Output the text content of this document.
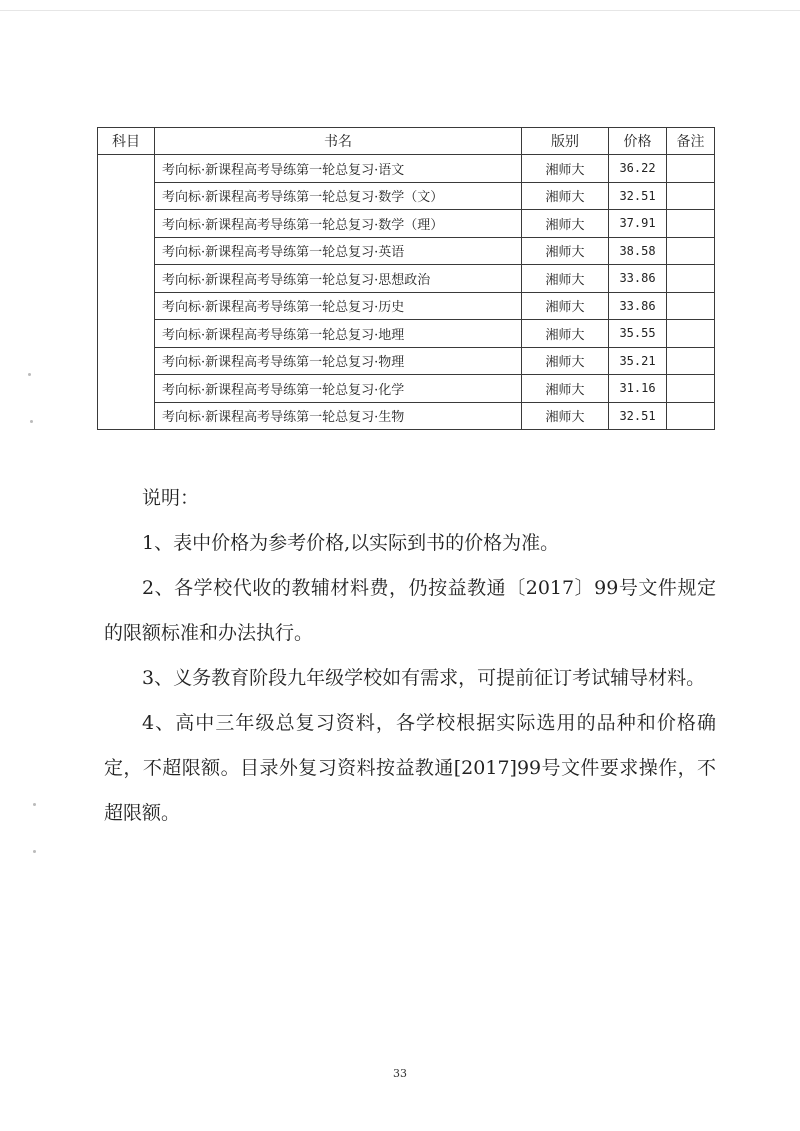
科目	书名	版别	价格	备注
	考向标·新课程高考导练第一轮总复习·语文	湘师大	36.22	
	考向标·新课程高考导练第一轮总复习·数学（文）	湘师大	32.51	
	考向标·新课程高考导练第一轮总复习·数学（理）	湘师大	37.91	
	考向标·新课程高考导练第一轮总复习·英语	湘师大	38.58	
	考向标·新课程高考导练第一轮总复习·思想政治	湘师大	33.86	
	考向标·新课程高考导练第一轮总复习·历史	湘师大	33.86	
	考向标·新课程高考导练第一轮总复习·地理	湘师大	35.55	
	考向标·新课程高考导练第一轮总复习·物理	湘师大	35.21	
	考向标·新课程高考导练第一轮总复习·化学	湘师大	31.16	
	考向标·新课程高考导练第一轮总复习·生物	湘师大	32.51	

说明：

1、表中价格为参考价格,以实际到书的价格为准。

2、各学校代收的教辅材料费，仍按益教通〔2017〕99号文件规定的限额标准和办法执行。

3、义务教育阶段九年级学校如有需求，可提前征订考试辅导材料。

4、高中三年级总复习资料，各学校根据实际选用的品种和价格确定，不超限额。目录外复习资料按益教通[2017]99号文件要求操作，不超限额。

33
